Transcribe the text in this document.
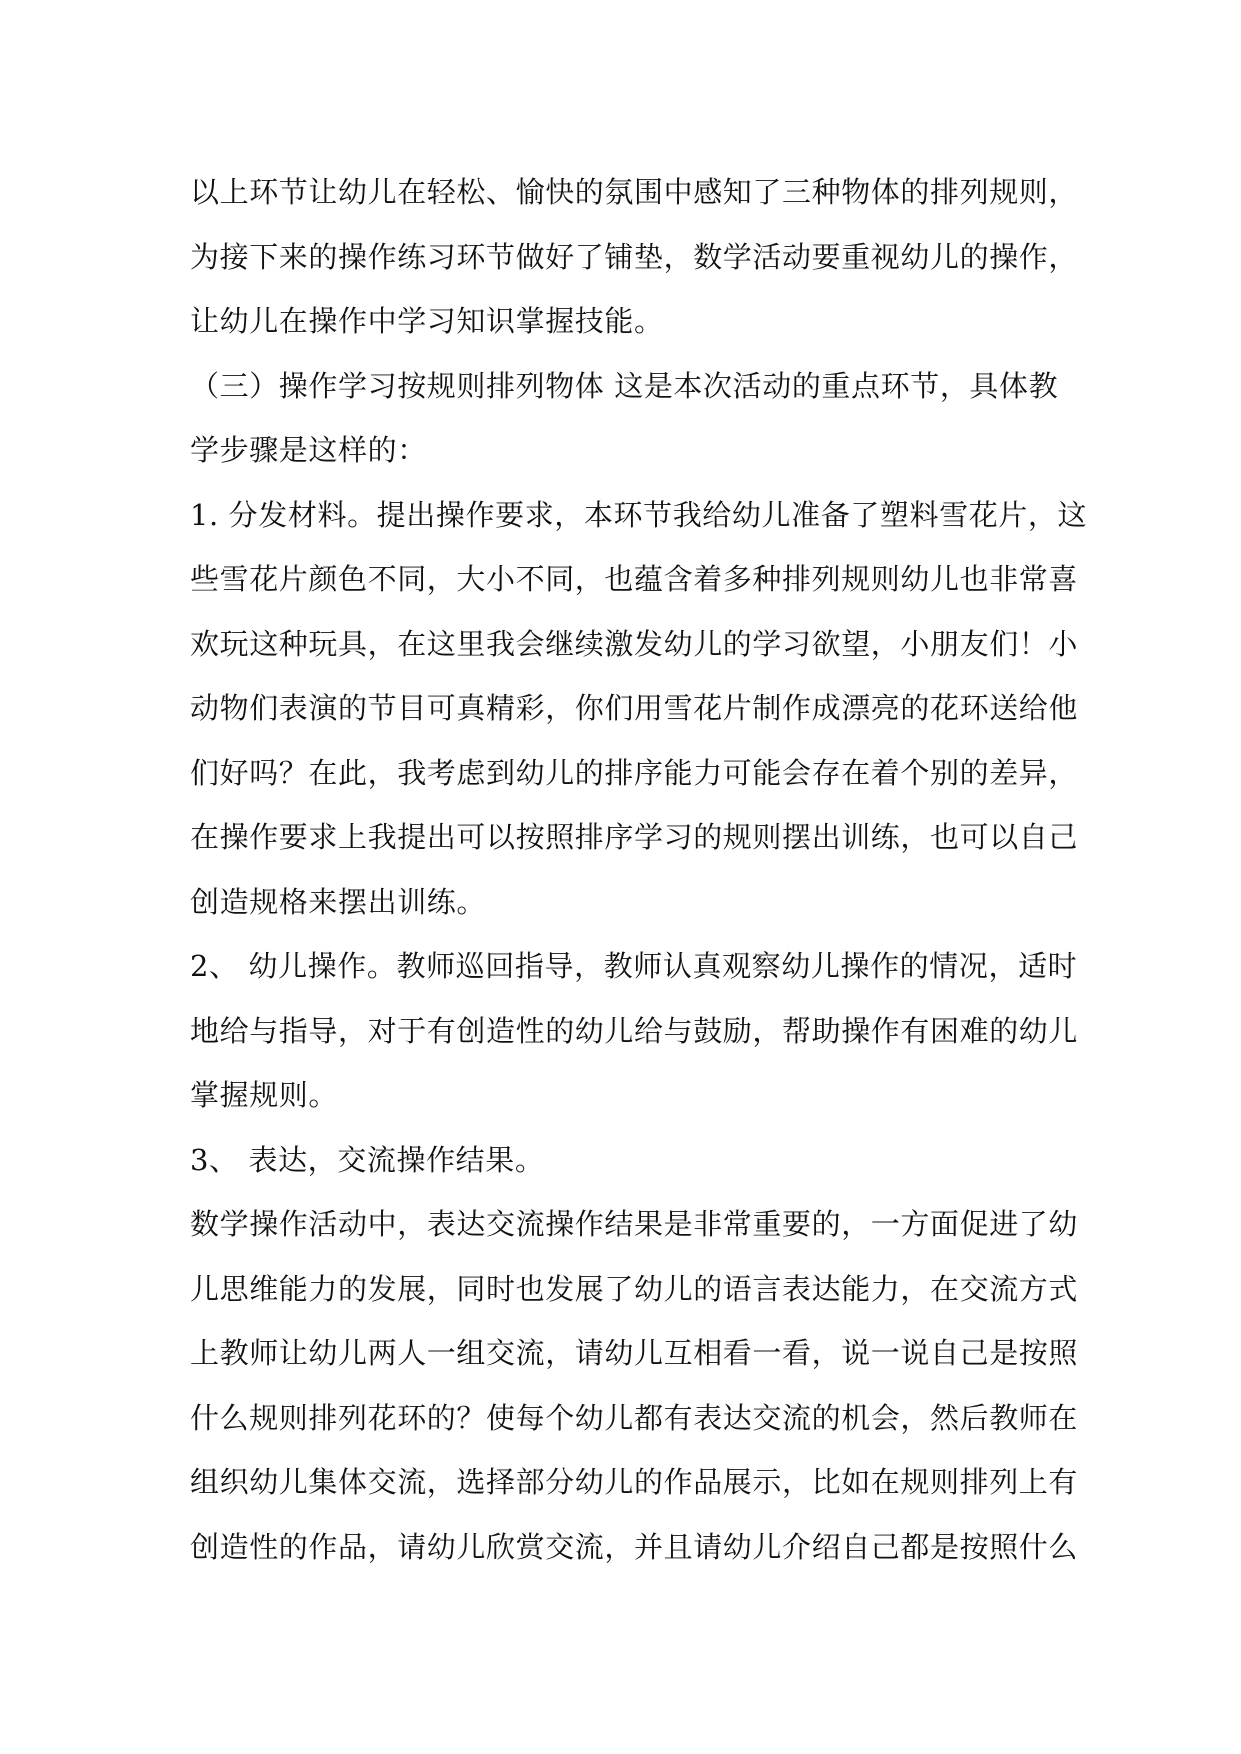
以上环节让幼儿在轻松、愉快的氛围中感知了三种物体的排列规则，
为接下来的操作练习环节做好了铺垫，数学活动要重视幼儿的操作，
让幼儿在操作中学习知识掌握技能。
（三）操作学习按规则排列物体 这是本次活动的重点环节，具体教
学步骤是这样的：
1. 分发材料。提出操作要求，本环节我给幼儿准备了塑料雪花片，这
些雪花片颜色不同，大小不同，也蕴含着多种排列规则幼儿也非常喜
欢玩这种玩具，在这里我会继续激发幼儿的学习欲望，小朋友们！小
动物们表演的节目可真精彩，你们用雪花片制作成漂亮的花环送给他
们好吗？在此，我考虑到幼儿的排序能力可能会存在着个别的差异，
在操作要求上我提出可以按照排序学习的规则摆出训练，也可以自己
创造规格来摆出训练。
2、 幼儿操作。教师巡回指导，教师认真观察幼儿操作的情况，适时
地给与指导，对于有创造性的幼儿给与鼓励，帮助操作有困难的幼儿
掌握规则。
3、 表达，交流操作结果。
数学操作活动中，表达交流操作结果是非常重要的，一方面促进了幼
儿思维能力的发展，同时也发展了幼儿的语言表达能力，在交流方式
上教师让幼儿两人一组交流，请幼儿互相看一看，说一说自己是按照
什么规则排列花环的？使每个幼儿都有表达交流的机会，然后教师在
组织幼儿集体交流，选择部分幼儿的作品展示，比如在规则排列上有
创造性的作品，请幼儿欣赏交流，并且请幼儿介绍自己都是按照什么
